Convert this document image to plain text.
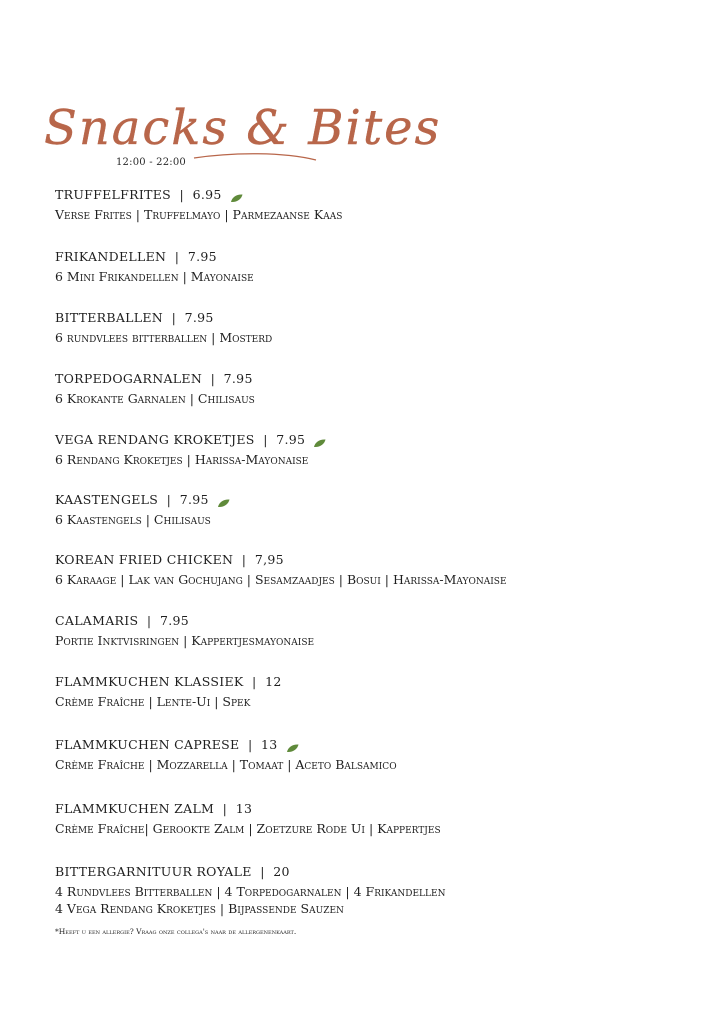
Snacks & Bites
12:00 - 22:00
TRUFFELFRITES  |  6.95
Verse Frites | Truffelmayo | Parmezaanse Kaas
FRIKANDELLEN  |  7.95
6 Mini Frikandellen | Mayonaise
BITTERBALLEN  |  7.95
6 rundvlees bitterballen | Mosterd
TORPEDOGARNALEN  |  7.95
6 Krokante Garnalen | Chilisaus
VEGA RENDANG KROKETJES  |  7.95
6 Rendang Kroketjes | Harissa-Mayonaise
KAASTENGELS  |  7.95
6 Kaastengels | Chilisaus
KOREAN FRIED CHICKEN  |  7,95
6 Karaage | Lak van Gochujang | Sesamzaadjes | Bosui | Harissa-Mayonaise
CALAMARIS  |  7.95
Portie Inktvisringen | Kappertjesmayonaise
FLAMMKUCHEN KLASSIEK  |  12
Crème Fraîche | Lente-Ui | Spek
FLAMMKUCHEN CAPRESE  |  13
Crème Fraîche | Mozzarella | Tomaat | Aceto Balsamico
FLAMMKUCHEN ZALM  |  13
Crème Fraîche| Gerookte Zalm | Zoetzure Rode Ui | Kappertjes
BITTERGARNITUUR ROYALE  |  20
4 Rundvlees Bitterballen | 4 Torpedogarnalen | 4 Frikandellen
4 Vega Rendang Kroketjes | Bijpassende Sauzen
*Heeft u een allergie? Vraag onze collega's naar de allergenenkaart.
